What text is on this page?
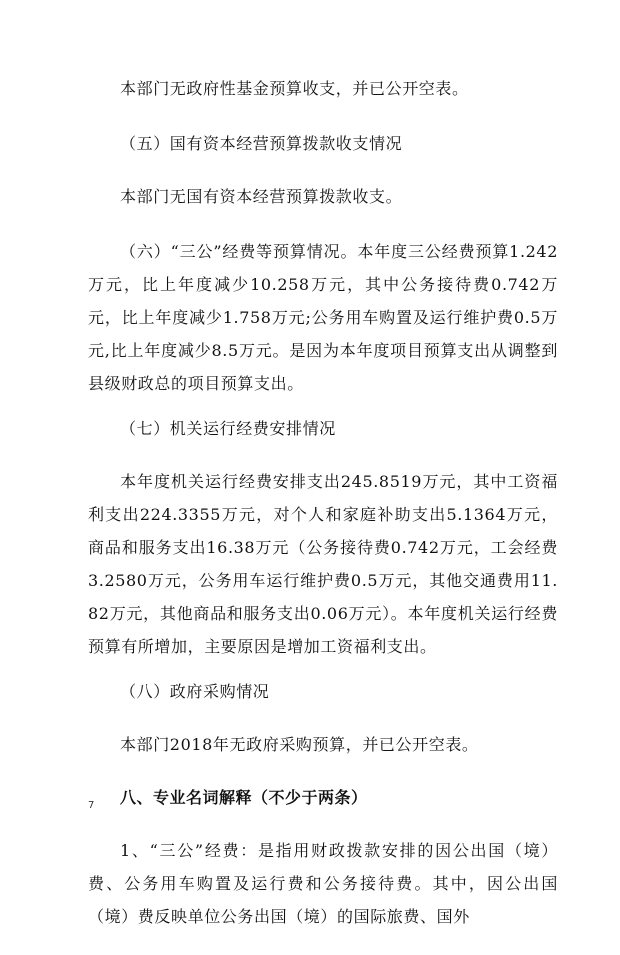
本部门无政府性基金预算收支，并已公开空表。

（五）国有资本经营预算拨款收支情况

本部门无国有资本经营预算拨款收支。

（六）“三公”经费等预算情况。本年度三公经费预算1.242万元，比上年度减少10.258万元，其中公务接待费0.742万元，比上年度减少1.758万元;公务用车购置及运行维护费0.5万元,比上年度减少8.5万元。是因为本年度项目预算支出从调整到县级财政总的项目预算支出。

（七）机关运行经费安排情况

本年度机关运行经费安排支出245.8519万元，其中工资福利支出224.3355万元，对个人和家庭补助支出5.1364万元，商品和服务支出16.38万元（公务接待费0.742万元，工会经费3.2580万元，公务用车运行维护费0.5万元，其他交通费用11.82万元，其他商品和服务支出0.06万元）。本年度机关运行经费预算有所增加，主要原因是增加工资福利支出。

（八）政府采购情况

本部门2018年无政府采购预算，并已公开空表。

八、专业名词解释（不少于两条）

1、“三公”经费：是指用财政拨款安排的因公出国（境）费、公务用车购置及运行费和公务接待费。其中，因公出国（境）费反映单位公务出国（境）的国际旅费、国外

7
